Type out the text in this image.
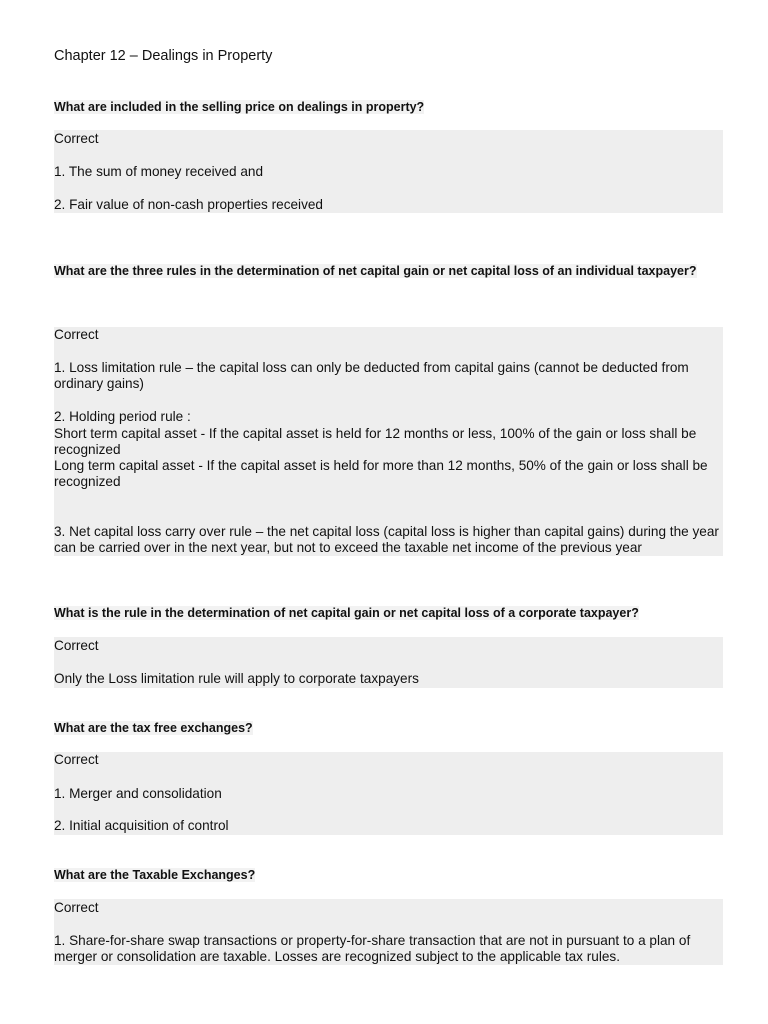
Chapter 12 – Dealings in Property
What are included in the selling price on dealings in property?
Correct
1. The sum of money received and
2. Fair value of non-cash properties received
What are the three rules in the determination of net capital gain or net capital loss of an individual taxpayer?
Correct
1. Loss limitation rule – the capital loss can only be deducted from capital gains (cannot be deducted from ordinary gains)
2. Holding period rule :
Short term capital asset - If the capital asset is held for 12 months or less, 100% of the gain or loss shall be recognized
Long term capital asset - If the capital asset is held for more than 12 months, 50% of the gain or loss shall be recognized
3. Net capital loss carry over rule – the net capital loss (capital loss is higher than capital gains) during the year can be carried over in the next year, but not to exceed the taxable net income of the previous year
What is the rule in the determination of net capital gain or net capital loss of a corporate taxpayer?
Correct
Only the Loss limitation rule will apply to corporate taxpayers
What are the tax free exchanges?
Correct
1. Merger and consolidation
2. Initial acquisition of control
What are the Taxable Exchanges?
Correct
1. Share-for-share swap transactions or property-for-share transaction that are not in pursuant to a plan of merger or consolidation are taxable. Losses are recognized subject to the applicable tax rules.
